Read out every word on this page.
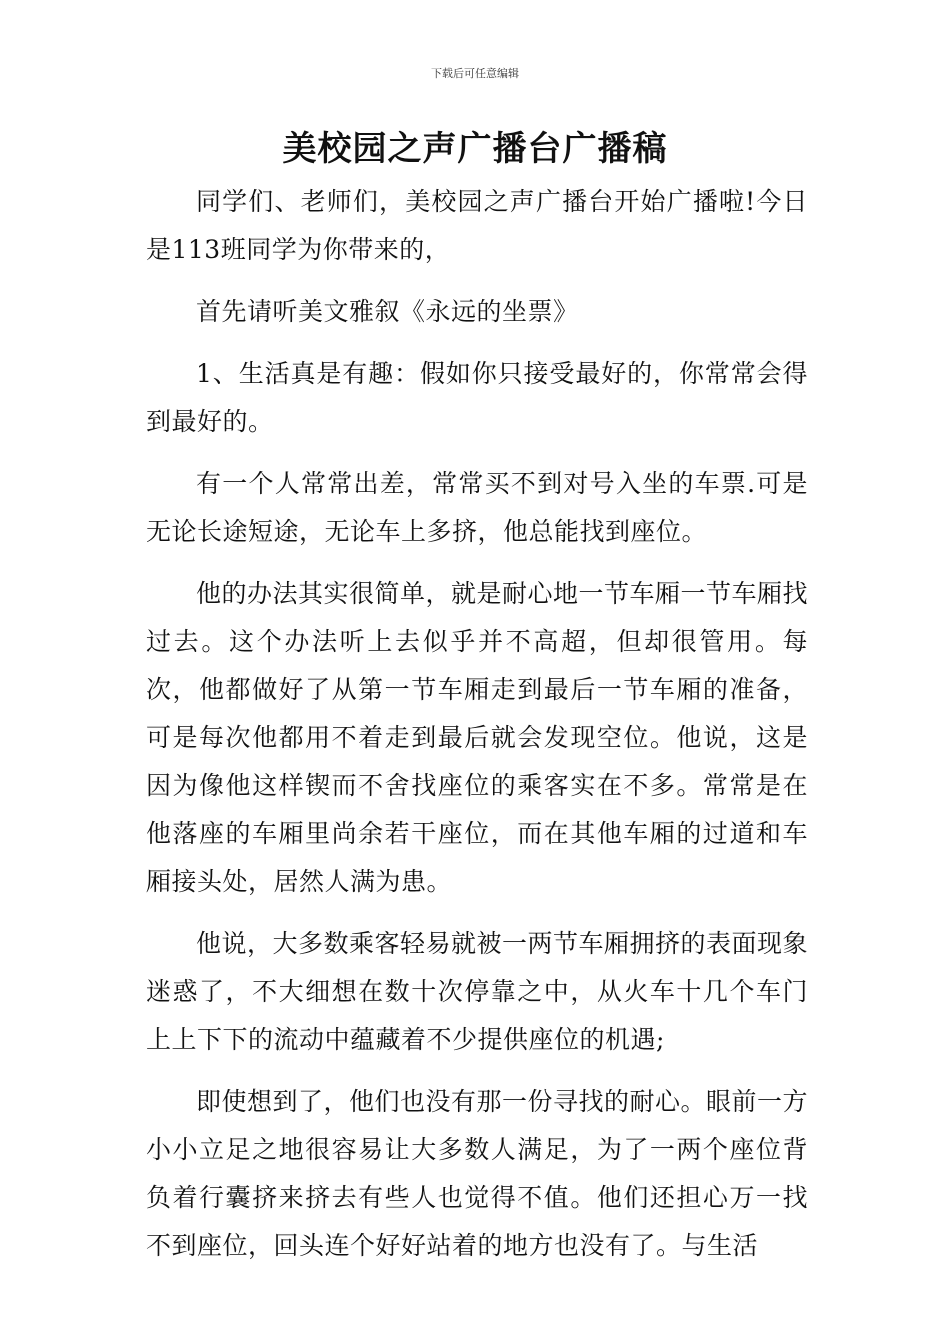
下载后可任意编辑
美校园之声广播台广播稿

同学们、老师们，美校园之声广播台开始广播啦!今日是113班同学为你带来的，

首先请听美文雅叙《永远的坐票》

1、生活真是有趣：假如你只接受最好的，你常常会得到最好的。

有一个人常常出差，常常买不到对号入坐的车票.可是无论长途短途，无论车上多挤，他总能找到座位。

他的办法其实很简单，就是耐心地一节车厢一节车厢找过去。这个办法听上去似乎并不高超，但却很管用。每次，他都做好了从第一节车厢走到最后一节车厢的准备，可是每次他都用不着走到最后就会发现空位。他说，这是因为像他这样锲而不舍找座位的乘客实在不多。常常是在他落座的车厢里尚余若干座位，而在其他车厢的过道和车厢接头处，居然人满为患。

他说，大多数乘客轻易就被一两节车厢拥挤的表面现象迷惑了，不大细想在数十次停靠之中，从火车十几个车门上上下下的流动中蕴藏着不少提供座位的机遇;

即使想到了，他们也没有那一份寻找的耐心。眼前一方小小立足之地很容易让大多数人满足，为了一两个座位背负着行囊挤来挤去有些人也觉得不值。他们还担心万一找不到座位，回头连个好好站着的地方也没有了。与生活
